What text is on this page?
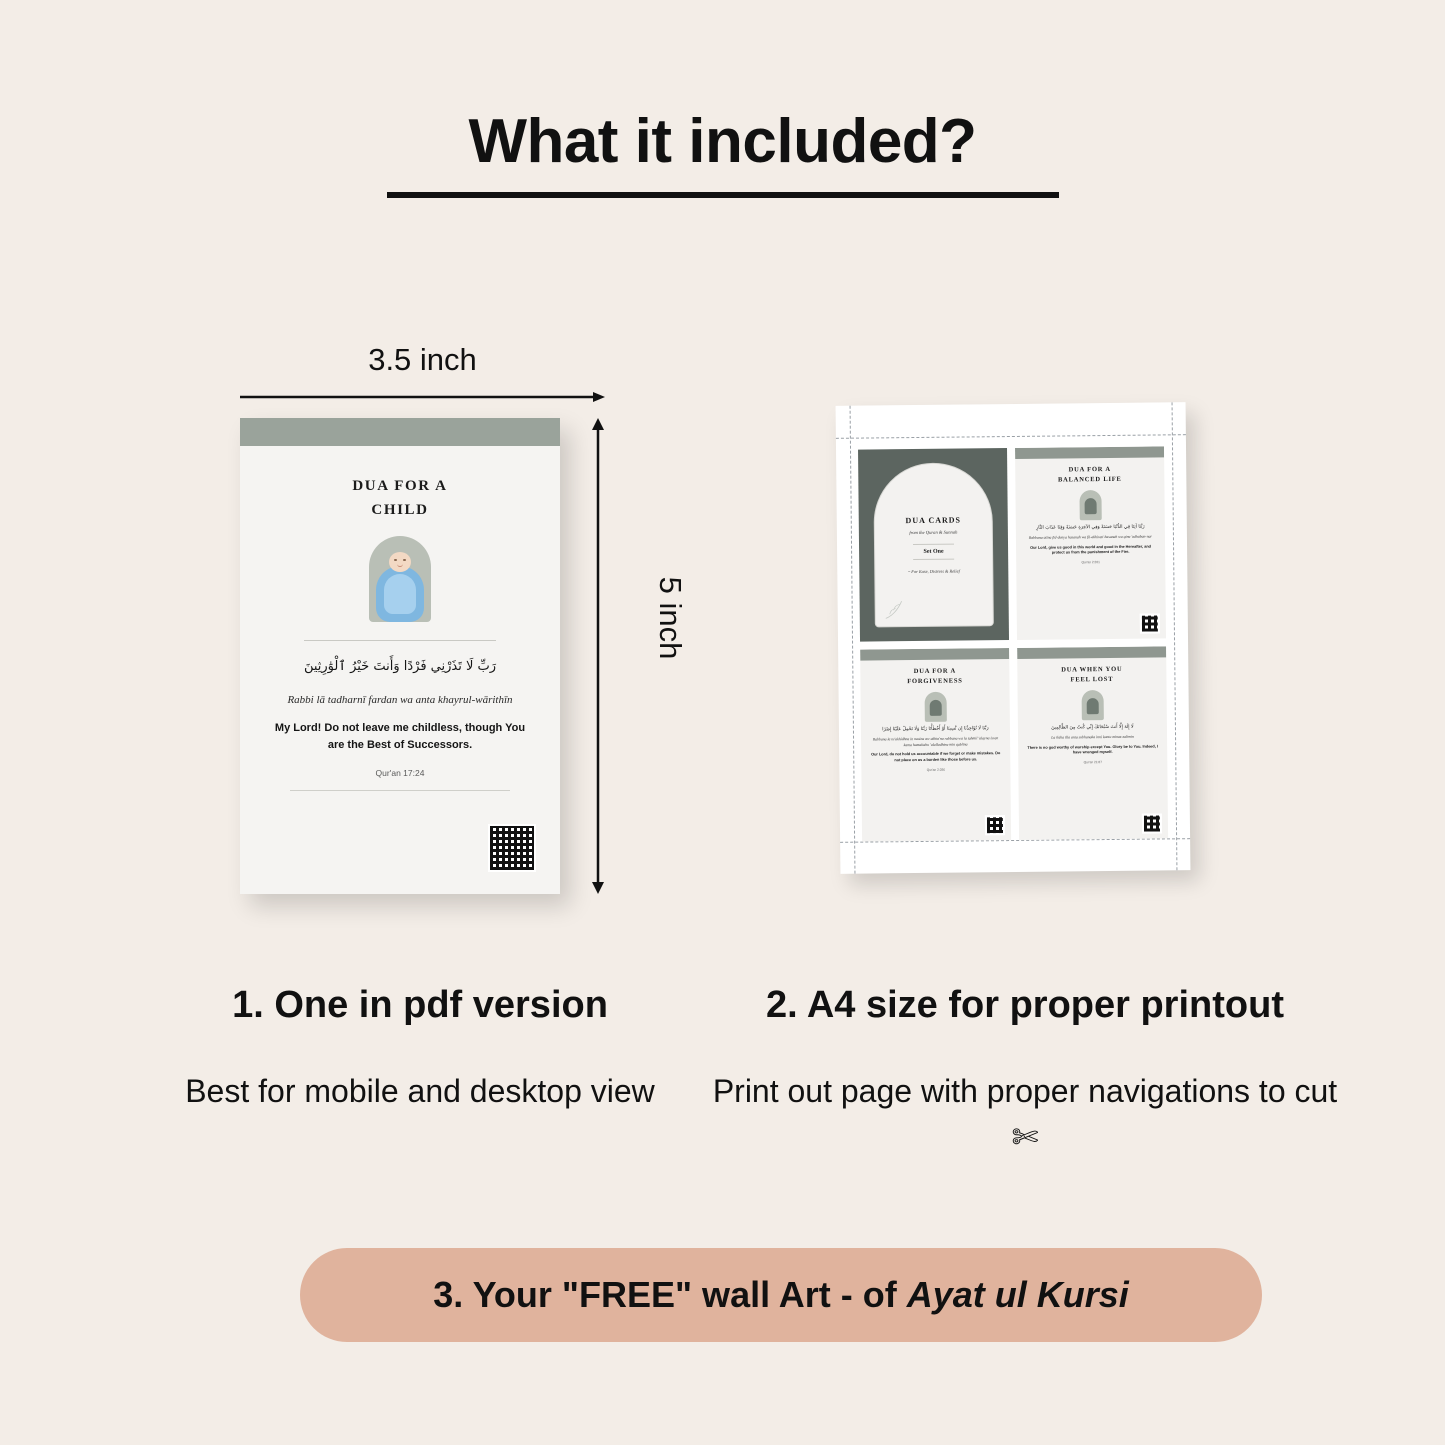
What it included?
3.5 inch
5 inch
DUA FOR A
CHILD
رَبِّ لَا تَذَرْنِي فَرْدًا وَأَنتَ خَيْرُ ٱلْوَٰرِثِينَ
Rabbi lā tadharnī fardan wa anta khayrul-wārithīn
My Lord! Do not leave me childless, though You are the Best of Successors.
Qur'an 17:24
DUA CARDS
from the Quran & Sunnah
Set One
~ For Ease, Distress & Relief
DUA FOR A
BALANCED LIFE
رَبَّنَا آتِنَا فِي الدُّنْيَا حَسَنَةً وَفِي الآخِرَةِ حَسَنَةً وَقِنَا عَذَابَ النَّارِ
Rabbana atina fid-dunya hasanah wa fil-akhirati hasanah wa qina 'adhaban-nar
Our Lord, give us good in this world and good in the Hereafter, and protect us from the punishment of the Fire.
Qur'an 2:201
DUA FOR A
FORGIVENESS
رَبَّنَا لَا تُؤَاخِذْنَا إِن نَّسِينَا أَوْ أَخْطَأْنَا رَبَّنَا وَلَا تَحْمِلْ عَلَيْنَا إِصْرًا
Rabbana la tu'akhidhna in nasina aw akhta'na rabbana wa la tahmil 'alayna isran kama hamaltahu 'alalladhina min qablina
Our Lord, do not hold us accountable if we forget or make mistakes. Do not place on us a burden like those before us.
Qur'an 2:286
DUA WHEN YOU
FEEL LOST
لَا إِلَهَ إِلَّا أَنتَ سُبْحَانَكَ إِنِّي كُنتُ مِنَ الظَّالِمِينَ
La ilaha illa anta subhanaka inni kuntu minaz-zalimin
There is no god worthy of worship except You. Glory be to You. Indeed, I have wronged myself.
Qur'an 21:87
1. One in pdf version
Best for mobile and desktop view
2. A4 size for proper printout
Print out page with proper navigations to cut ✄
3. Your "FREE" wall Art - of Ayat ul Kursi
